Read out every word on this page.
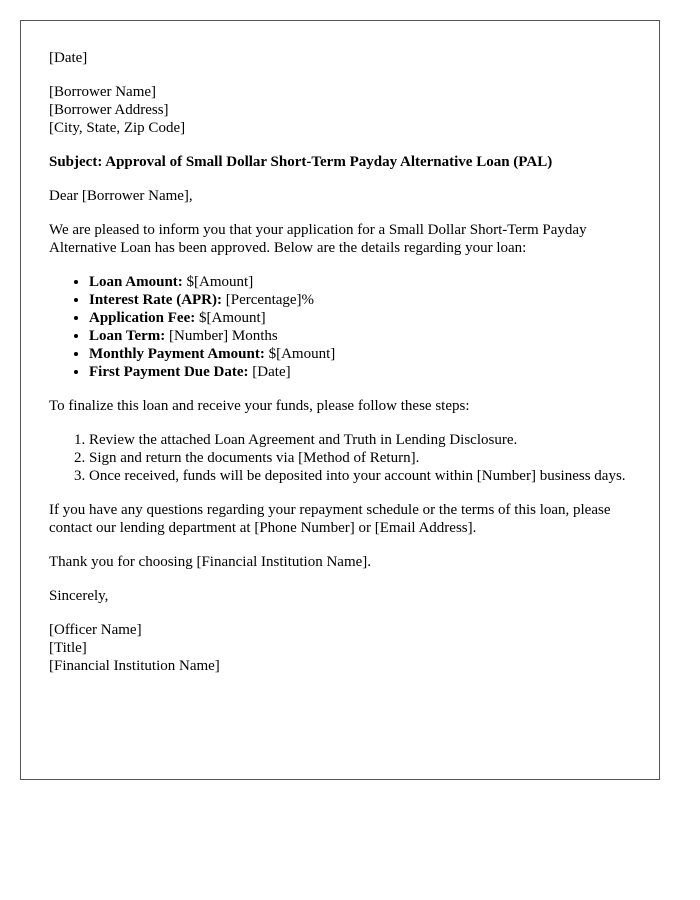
[Date]

[Borrower Name]
[Borrower Address]
[City, State, Zip Code]

Subject: Approval of Small Dollar Short-Term Payday Alternative Loan (PAL)

Dear [Borrower Name],

We are pleased to inform you that your application for a Small Dollar Short-Term Payday Alternative Loan has been approved. Below are the details regarding your loan:

• Loan Amount: $[Amount]
• Interest Rate (APR): [Percentage]%
• Application Fee: $[Amount]
• Loan Term: [Number] Months
• Monthly Payment Amount: $[Amount]
• First Payment Due Date: [Date]

To finalize this loan and receive your funds, please follow these steps:

1. Review the attached Loan Agreement and Truth in Lending Disclosure.
2. Sign and return the documents via [Method of Return].
3. Once received, funds will be deposited into your account within [Number] business days.

If you have any questions regarding your repayment schedule or the terms of this loan, please contact our lending department at [Phone Number] or [Email Address].

Thank you for choosing [Financial Institution Name].

Sincerely,

[Officer Name]
[Title]
[Financial Institution Name]
